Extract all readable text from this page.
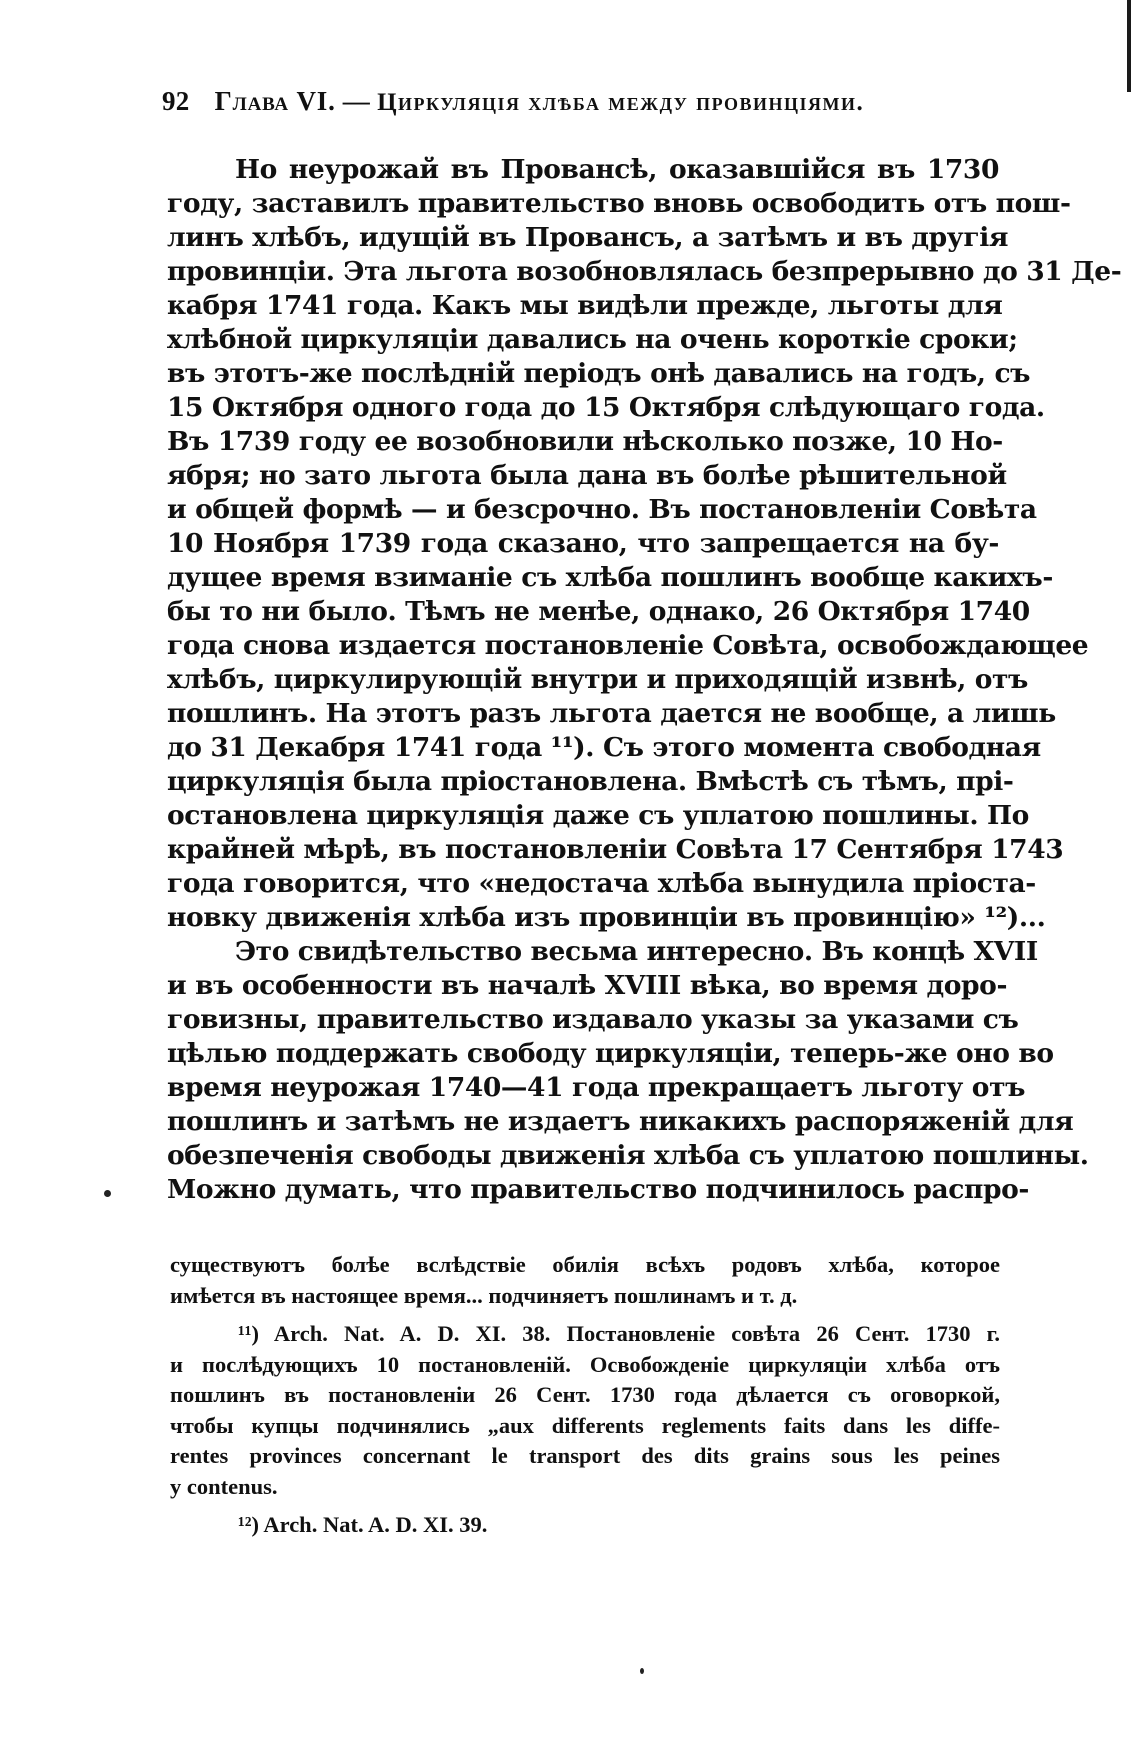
92 Глава VI. — Циркуляція хлѣба между провинціями.
Но неурожай въ Провансѣ, оказавшійся въ 1730
году, заставилъ правительство вновь освободить отъ пош-
линъ хлѣбъ, идущій въ Провансъ, а затѣмъ и въ другія
провинціи. Эта льгота возобновлялась безпрерывно до 31 Де-
кабря 1741 года. Какъ мы видѣли прежде, льготы для
хлѣбной циркуляціи давались на очень короткіе сроки;
въ этотъ-же послѣдній періодъ онѣ давались на годъ, съ
15 Октября одного года до 15 Октября слѣдующаго года.
Въ 1739 году ее возобновили нѣсколько позже, 10 Но-
ября; но зато льгота была дана въ болѣе рѣшительной
и общей формѣ — и безсрочно. Въ постановленіи Совѣта
10 Ноября 1739 года сказано, что запрещается на бу-
дущее время взиманіе съ хлѣба пошлинъ вообще какихъ-
бы то ни было. Тѣмъ не менѣе, однако, 26 Октября 1740
года снова издается постановленіе Совѣта, освобождающее
хлѣбъ, циркулирующій внутри и приходящій извнѣ, отъ
пошлинъ. На этотъ разъ льгота дается не вообще, а лишь
до 31 Декабря 1741 года ¹¹). Съ этого момента свободная
циркуляція была пріостановлена. Вмѣстѣ съ тѣмъ, прі-
остановлена циркуляція даже съ уплатою пошлины. По
крайней мѣрѣ, въ постановленіи Совѣта 17 Сентября 1743
года говорится, что «недостача хлѣба вынудила пріоста-
новку движенія хлѣба изъ провинціи въ провинцію» ¹²)...
Это свидѣтельство весьма интересно. Въ концѣ XVII
и въ особенности въ началѣ XVIII вѣка, во время доро-
говизны, правительство издавало указы за указами съ
цѣлью поддержать свободу циркуляціи, теперь-же оно во
время неурожая 1740—41 года прекращаетъ льготу отъ
пошлинъ и затѣмъ не издаетъ никакихъ распоряженій для
обезпеченія свободы движенія хлѣба съ уплатою пошлины.
Можно думать, что правительство подчинилось распро-
существуютъ болѣе вслѣдствіе обилія всѣхъ родовъ хлѣба, которое
имѣется въ настоящее время... подчиняетъ пошлинамъ и т. д.
¹¹) Arch. Nat. A. D. XI. 38. Постановленіе совѣта 26 Сент. 1730 г.
и послѣдующихъ 10 постановленій. Освобожденіе циркуляціи хлѣба отъ
пошлинъ въ постановленіи 26 Сент. 1730 года дѣлается съ оговоркой,
чтобы купцы подчинялись „aux differents reglements faits dans les diffe-
rentes provinces concernant le transport des dits grains sous les peines
y contenus.
¹²) Arch. Nat. A. D. XI. 39.
